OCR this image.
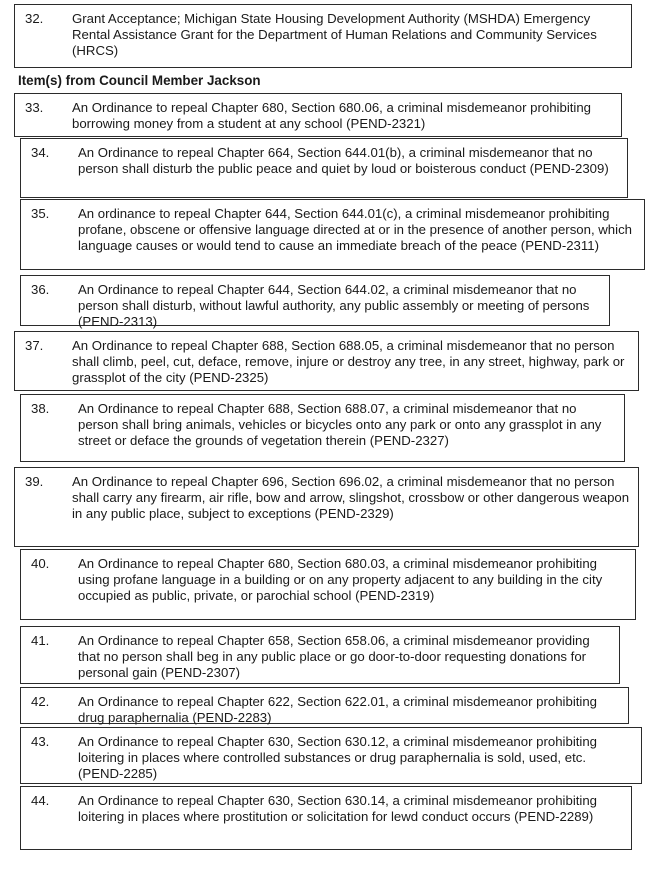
32. Grant Acceptance; Michigan State Housing Development Authority (MSHDA) Emergency Rental Assistance Grant for the Department of Human Relations and Community Services (HRCS)
Item(s) from Council Member Jackson
33. An Ordinance to repeal Chapter 680, Section 680.06, a criminal misdemeanor prohibiting borrowing money from a student at any school (PEND-2321)
34. An Ordinance to repeal Chapter 664, Section 644.01(b), a criminal misdemeanor that no person shall disturb the public peace and quiet by loud or boisterous conduct (PEND-2309)
35. An ordinance to repeal Chapter 644, Section 644.01(c), a criminal misdemeanor prohibiting profane, obscene or offensive language directed at or in the presence of another person, which language causes or would tend to cause an immediate breach of the peace (PEND-2311)
36. An Ordinance to repeal Chapter 644, Section 644.02, a criminal misdemeanor that no person shall disturb, without lawful authority, any public assembly or meeting of persons (PEND-2313)
37. An Ordinance to repeal Chapter 688, Section 688.05, a criminal misdemeanor that no person shall climb, peel, cut, deface, remove, injure or destroy any tree, in any street, highway, park or grassplot of the city (PEND-2325)
38. An Ordinance to repeal Chapter 688, Section 688.07, a criminal misdemeanor that no person shall bring animals, vehicles or bicycles onto any park or onto any grassplot in any street or deface the grounds of vegetation therein (PEND-2327)
39. An Ordinance to repeal Chapter 696, Section 696.02, a criminal misdemeanor that no person shall carry any firearm, air rifle, bow and arrow, slingshot, crossbow or other dangerous weapon in any public place, subject to exceptions (PEND-2329)
40. An Ordinance to repeal Chapter 680, Section 680.03, a criminal misdemeanor prohibiting using profane language in a building or on any property adjacent to any building in the city occupied as public, private, or parochial school (PEND-2319)
41. An Ordinance to repeal Chapter 658, Section 658.06, a criminal misdemeanor providing that no person shall beg in any public place or go door-to-door requesting donations for personal gain (PEND-2307)
42. An Ordinance to repeal Chapter 622, Section 622.01, a criminal misdemeanor prohibiting drug paraphernalia (PEND-2283)
43. An Ordinance to repeal Chapter 630, Section 630.12, a criminal misdemeanor prohibiting loitering in places where controlled substances or drug paraphernalia is sold, used, etc. (PEND-2285)
44. An Ordinance to repeal Chapter 630, Section 630.14, a criminal misdemeanor prohibiting loitering in places where prostitution or solicitation for lewd conduct occurs (PEND-2289)
